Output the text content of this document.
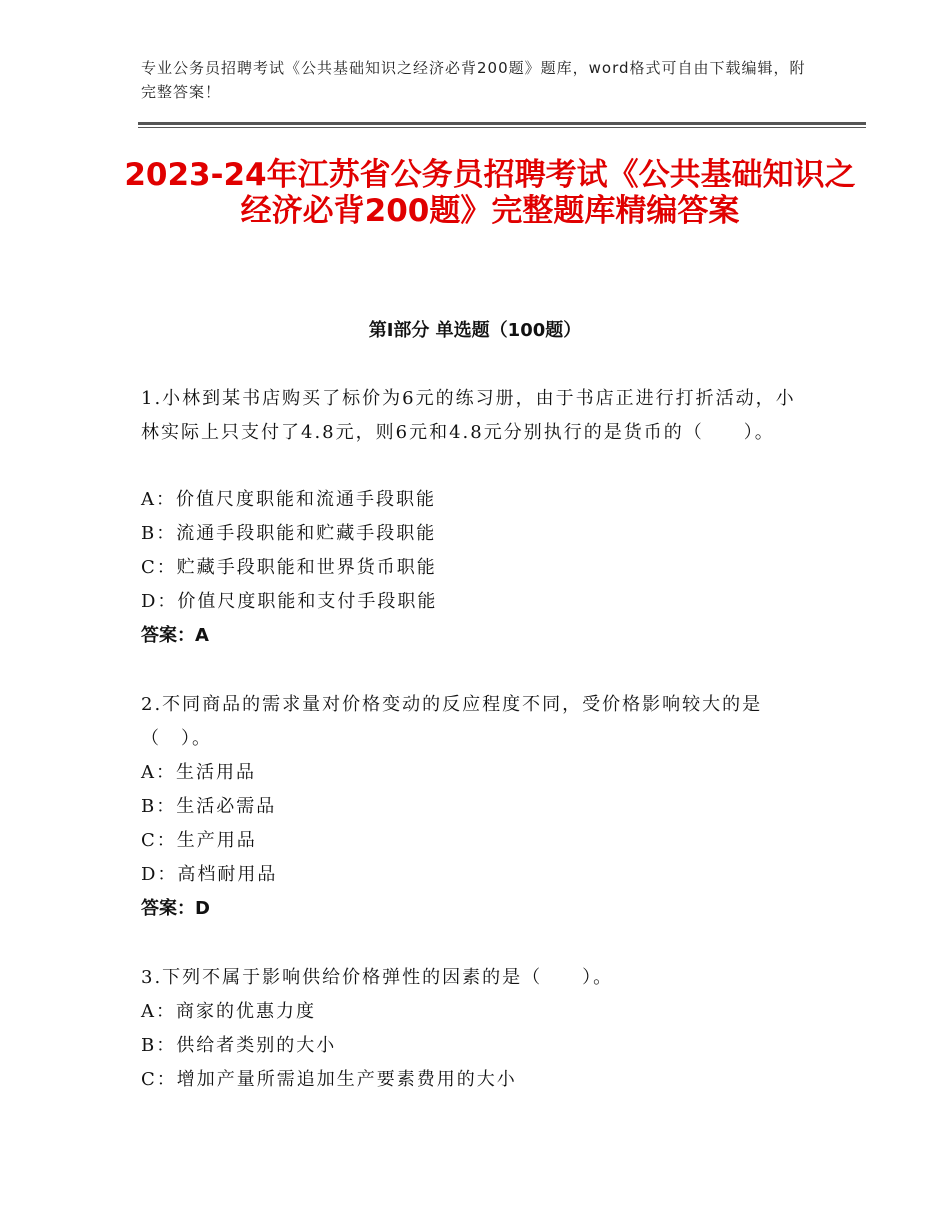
专业公务员招聘考试《公共基础知识之经济必背200题》题库，word格式可自由下载编辑，附完整答案！
2023-24年江苏省公务员招聘考试《公共基础知识之经济必背200题》完整题库精编答案
第Ⅰ部分 单选题（100题）
1.小林到某书店购买了标价为6元的练习册，由于书店正进行打折活动，小林实际上只支付了4.8元，则6元和4.8元分别执行的是货币的（　　）。
A：价值尺度职能和流通手段职能
B：流通手段职能和贮藏手段职能
C：贮藏手段职能和世界货币职能
D：价值尺度职能和支付手段职能
答案：A
2.不同商品的需求量对价格变动的反应程度不同，受价格影响较大的是（　）。
A：生活用品
B：生活必需品
C：生产用品
D：高档耐用品
答案：D
3.下列不属于影响供给价格弹性的因素的是（　　）。
A：商家的优惠力度
B：供给者类别的大小
C：增加产量所需追加生产要素费用的大小
